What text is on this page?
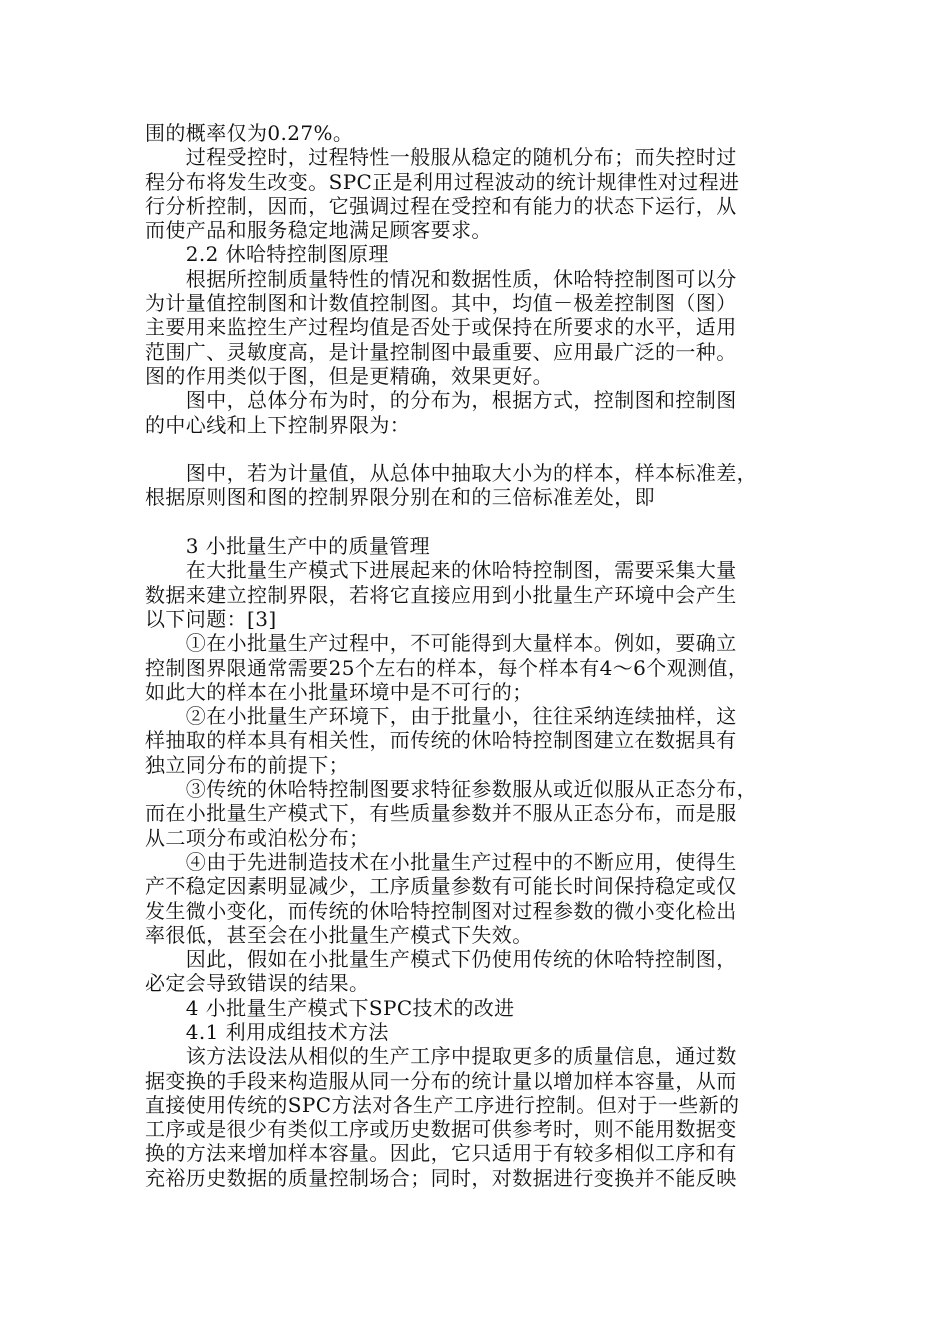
围的概率仅为0.27%。
　　过程受控时，过程特性一般服从稳定的随机分布；而失控时过
程分布将发生改变。SPC正是利用过程波动的统计规律性对过程进
行分析控制，因而，它强调过程在受控和有能力的状态下运行，从
而使产品和服务稳定地满足顾客要求。
　　2.2 休哈特控制图原理
　　根据所控制质量特性的情况和数据性质，休哈特控制图可以分
为计量值控制图和计数值控制图。其中，均值－极差控制图（图）
主要用来监控生产过程均值是否处于或保持在所要求的水平，适用
范围广、灵敏度高，是计量控制图中最重要、应用最广泛的一种。
图的作用类似于图，但是更精确，效果更好。
　　图中，总体分布为时，的分布为，根据方式，控制图和控制图
的中心线和上下控制界限为：
　　图中，若为计量值，从总体中抽取大小为的样本，样本标准差，
根据原则图和图的控制界限分别在和的三倍标准差处，即
　　3 小批量生产中的质量管理
　　在大批量生产模式下进展起来的休哈特控制图，需要采集大量
数据来建立控制界限，若将它直接应用到小批量生产环境中会产生
以下问题：[3]
　　①在小批量生产过程中，不可能得到大量样本。例如，要确立
控制图界限通常需要25个左右的样本，每个样本有4～6个观测值，
如此大的样本在小批量环境中是不可行的；
　　②在小批量生产环境下，由于批量小，往往采纳连续抽样，这
样抽取的样本具有相关性，而传统的休哈特控制图建立在数据具有
独立同分布的前提下；
　　③传统的休哈特控制图要求特征参数服从或近似服从正态分布，
而在小批量生产模式下，有些质量参数并不服从正态分布，而是服
从二项分布或泊松分布；
　　④由于先进制造技术在小批量生产过程中的不断应用，使得生
产不稳定因素明显减少，工序质量参数有可能长时间保持稳定或仅
发生微小变化，而传统的休哈特控制图对过程参数的微小变化检出
率很低，甚至会在小批量生产模式下失效。
　　因此，假如在小批量生产模式下仍使用传统的休哈特控制图，
必定会导致错误的结果。
　　4 小批量生产模式下SPC技术的改进
　　4.1 利用成组技术方法
　　该方法设法从相似的生产工序中提取更多的质量信息，通过数
据变换的手段来构造服从同一分布的统计量以增加样本容量，从而
直接使用传统的SPC方法对各生产工序进行控制。但对于一些新的
工序或是很少有类似工序或历史数据可供参考时，则不能用数据变
换的方法来增加样本容量。因此，它只适用于有较多相似工序和有
充裕历史数据的质量控制场合；同时，对数据进行变换并不能反映
